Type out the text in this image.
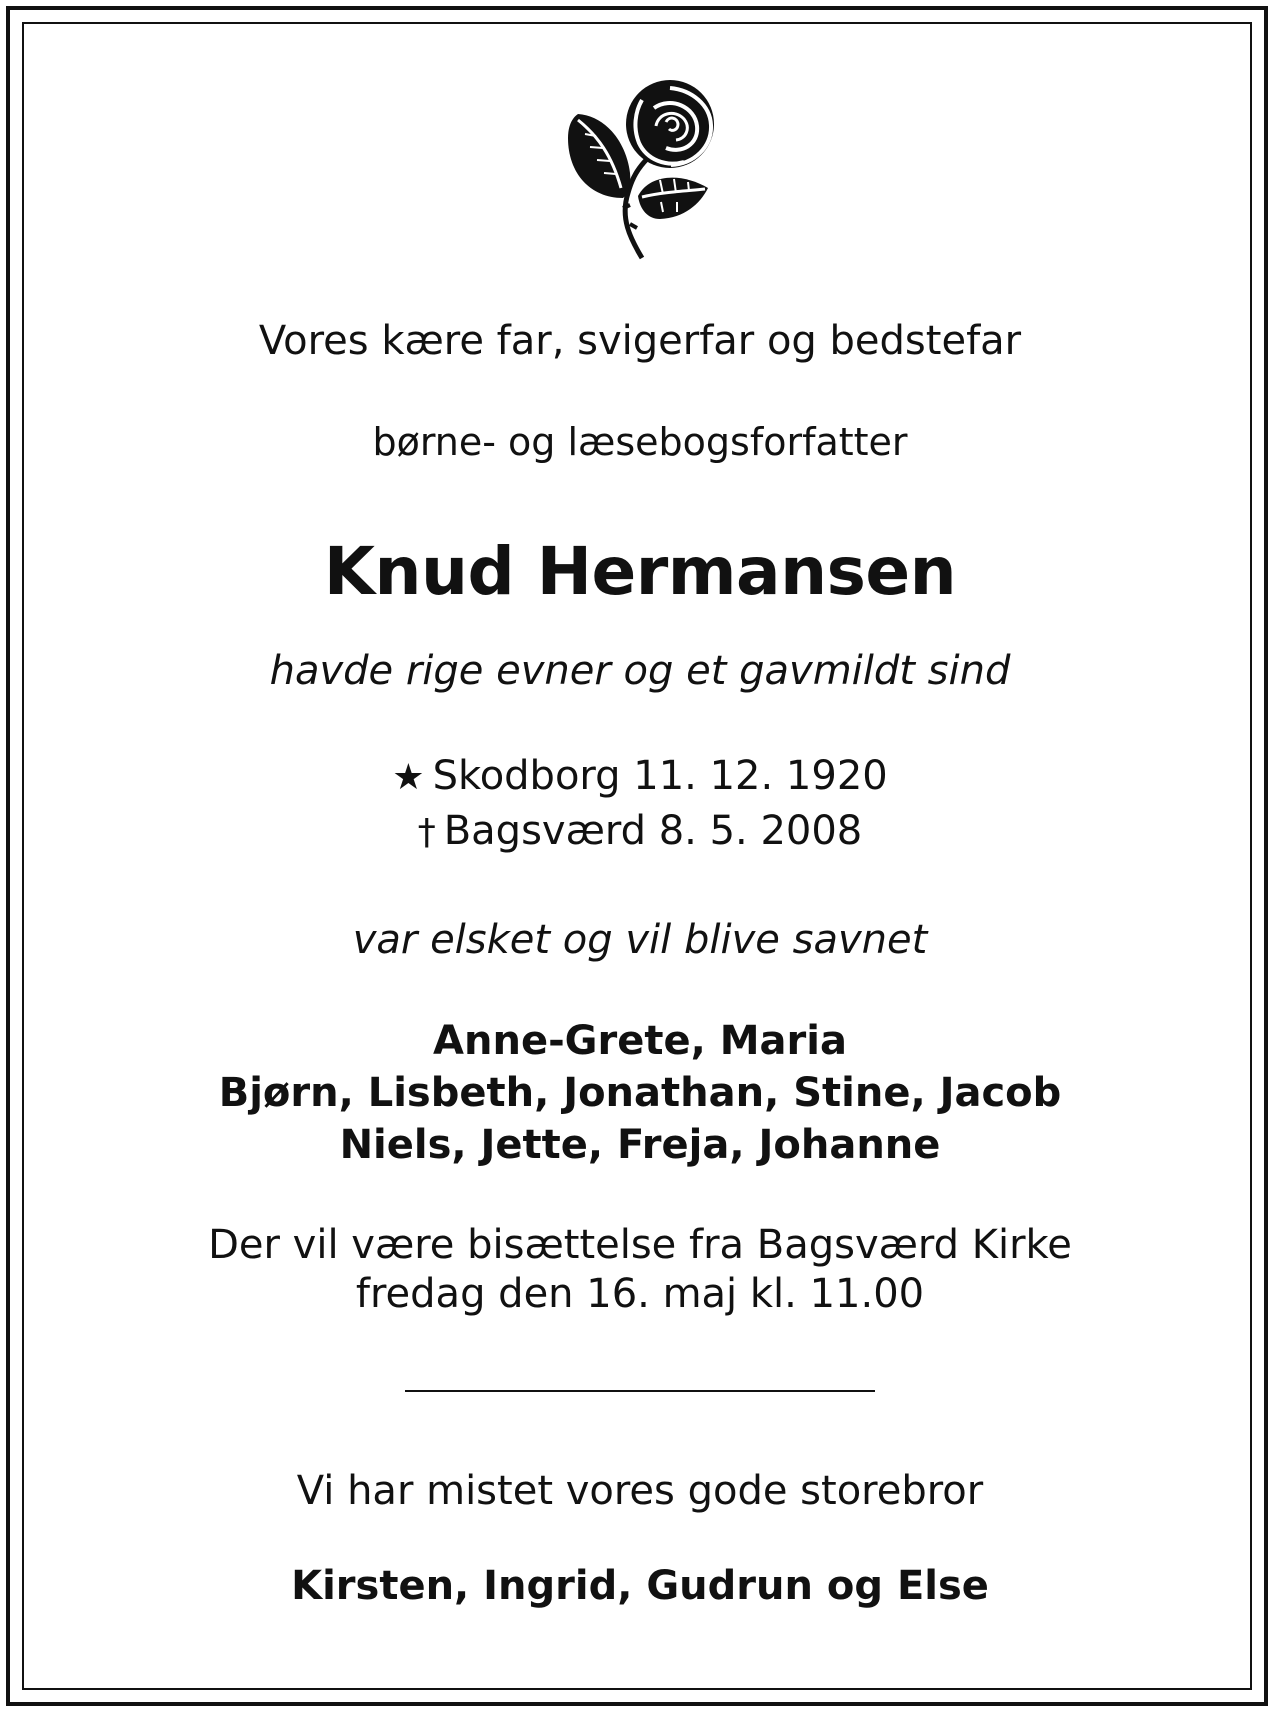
Vores kære far, svigerfar og bedstefar
børne- og læsebogsforfatter
Knud Hermansen
havde rige evner og et gavmildt sind
★ Skodborg 11. 12. 1920
† Bagsværd 8. 5. 2008
var elsket og vil blive savnet
Anne-Grete, Maria
Bjørn, Lisbeth, Jonathan, Stine, Jacob
Niels, Jette, Freja, Johanne
Der vil være bisættelse fra Bagsværd Kirke
fredag den 16. maj kl. 11.00
Vi har mistet vores gode storebror
Kirsten, Ingrid, Gudrun og Else
